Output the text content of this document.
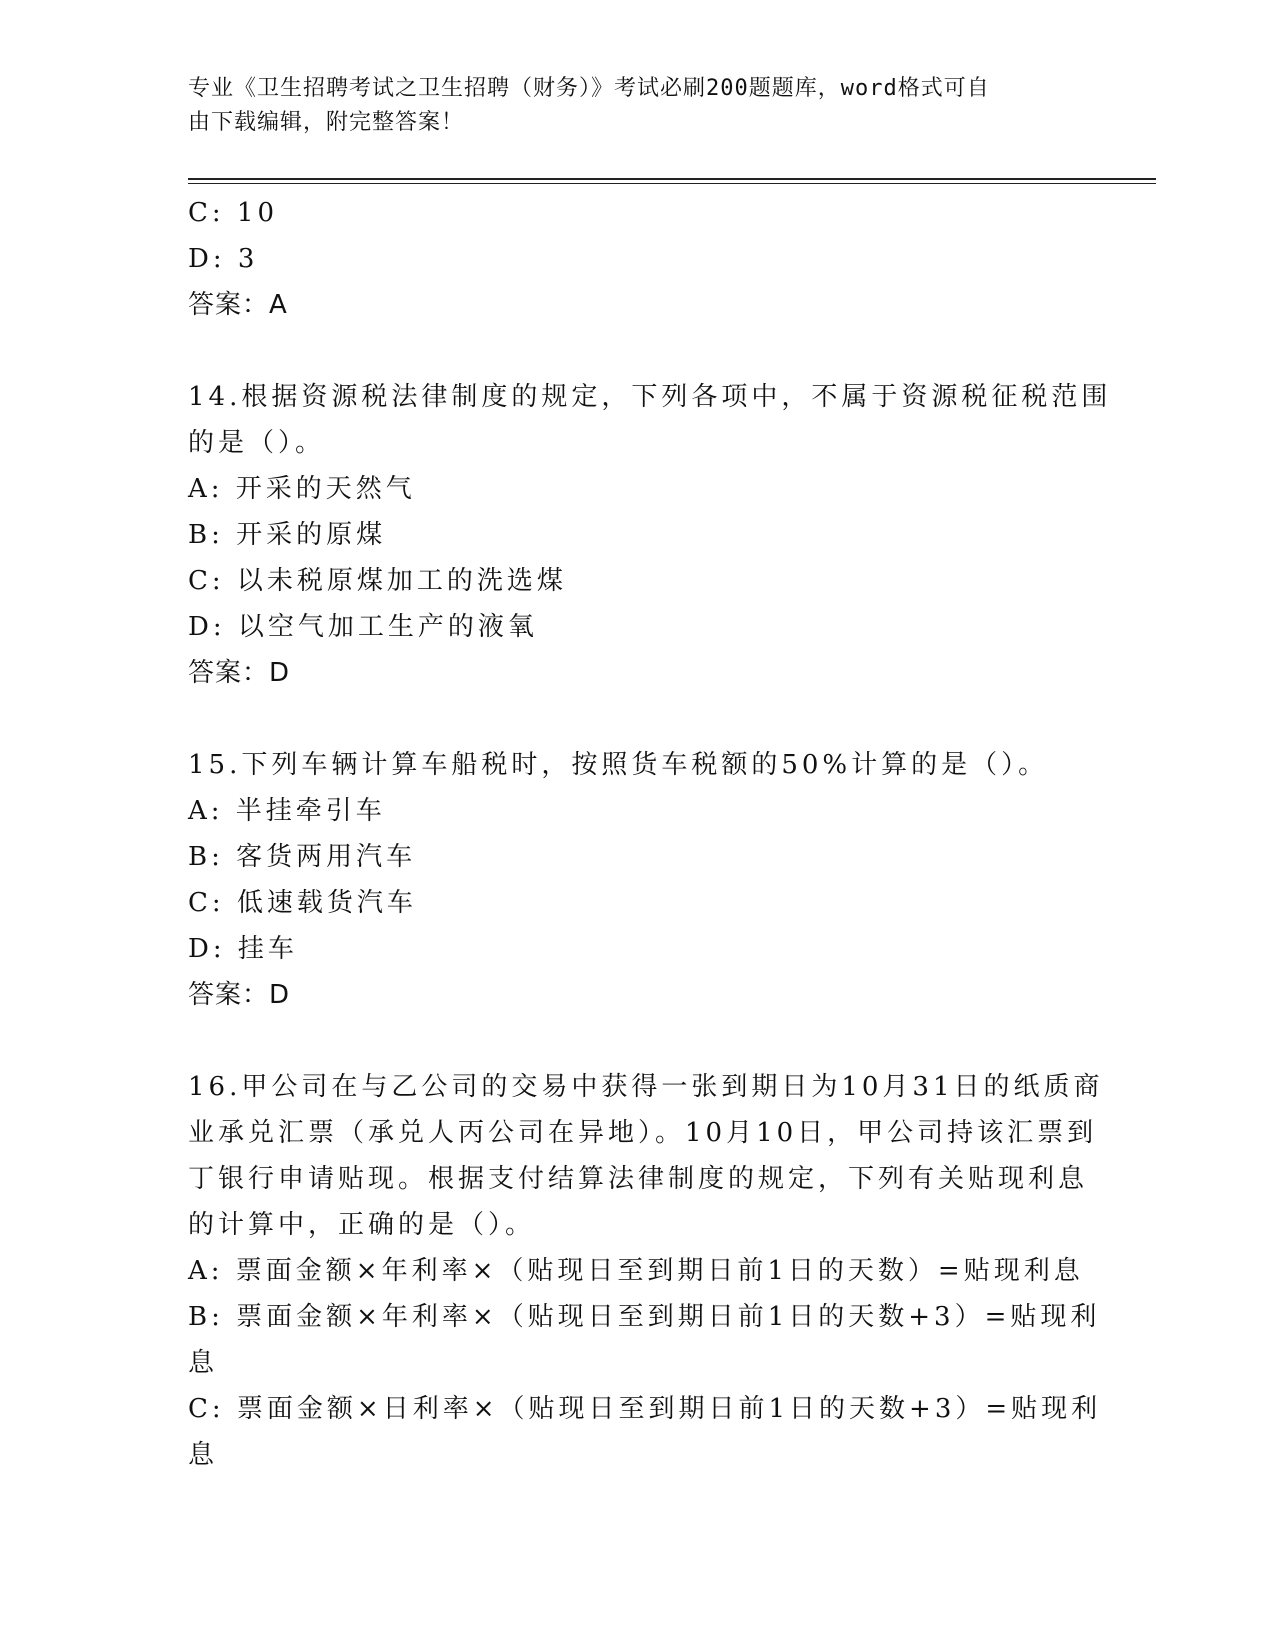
专业《卫生招聘考试之卫生招聘（财务）》考试必刷200题题库，word格式可自
由下载编辑，附完整答案！
C: 10
D: 3
答案：A
14.根据资源税法律制度的规定，下列各项中，不属于资源税征税范围
的是（）。
A: 开采的天然气
B: 开采的原煤
C: 以未税原煤加工的洗选煤
D: 以空气加工生产的液氧
答案：D
15.下列车辆计算车船税时，按照货车税额的50%计算的是（）。
A: 半挂牵引车
B: 客货两用汽车
C: 低速载货汽车
D: 挂车
答案：D
16.甲公司在与乙公司的交易中获得一张到期日为10月31日的纸质商
业承兑汇票（承兑人丙公司在异地）。10月10日，甲公司持该汇票到
丁银行申请贴现。根据支付结算法律制度的规定，下列有关贴现利息
的计算中，正确的是（）。
A: 票面金额×年利率×（贴现日至到期日前1日的天数）=贴现利息
B: 票面金额×年利率×（贴现日至到期日前1日的天数+3）=贴现利
息
C: 票面金额×日利率×（贴现日至到期日前1日的天数+3）=贴现利
息
